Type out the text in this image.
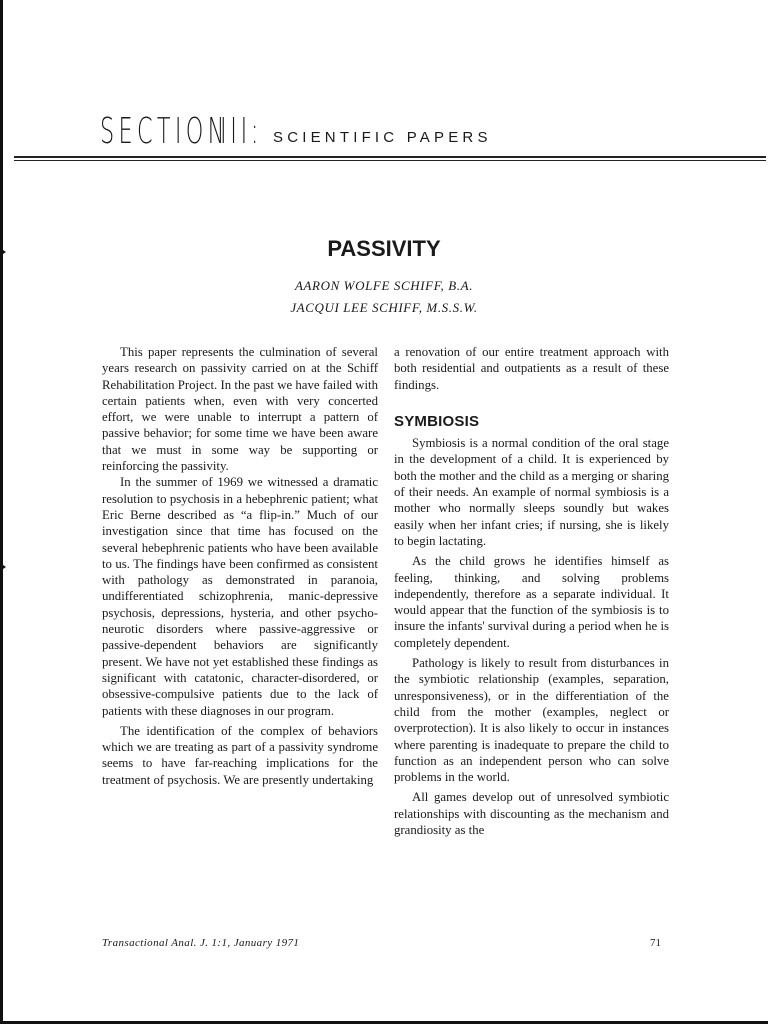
SECTION
III: SCIENTIFIC PAPERS
PASSIVITY
AARON WOLFE SCHIFF, B.A.
JACQUI LEE SCHIFF, M.S.S.W.

This paper represents the culmination of several years research on passivity carried on at the Schiff Rehabilitation Project. In the past we have failed with certain patients when, even with very concerted effort, we were unable to interrupt a pattern of passive behavior; for some time we have been aware that we must in some way be supporting or reinforcing the passivity.

In the summer of 1969 we witnessed a dramatic resolution to psychosis in a hebephrenic patient; what Eric Berne described as “a flip-in.” Much of our investigation since that time has focused on the several hebephrenic patients who have been available to us. The findings have been confirmed as consistent with pathology as demonstrated in paranoia, undifferentiated schizophrenia, manic-depressive psychosis, depressions, hysteria, and other psycho-neurotic disorders where passive-aggressive or passive-dependent behaviors are significantly present. We have not yet established these findings as significant with catatonic, character-disordered, or obsessive-compulsive patients due to the lack of patients with these diagnoses in our program.

The identification of the complex of behaviors which we are treating as part of a passivity syndrome seems to have far-reaching implications for the treatment of psychosis. We are presently undertaking

a renovation of our entire treatment approach with both residential and outpatients as a result of these findings.

SYMBIOSIS

Symbiosis is a normal condition of the oral stage in the development of a child. It is experienced by both the mother and the child as a merging or sharing of their needs. An example of normal symbiosis is a mother who normally sleeps soundly but wakes easily when her infant cries; if nursing, she is likely to begin lactating.

As the child grows he identifies himself as feeling, thinking, and solving problems independently, therefore as a separate individual. It would appear that the function of the symbiosis is to insure the infants' survival during a period when he is completely dependent.

Pathology is likely to result from disturbances in the symbiotic relationship (examples, separation, unresponsiveness), or in the differentiation of the child from the mother (examples, neglect or overprotection). It is also likely to occur in instances where parenting is inadequate to prepare the child to function as an independent person who can solve problems in the world.

All games develop out of unresolved symbiotic relationships with discounting as the mechanism and grandiosity as the

Transactional Anal. J. 1:1, January 1971	71
